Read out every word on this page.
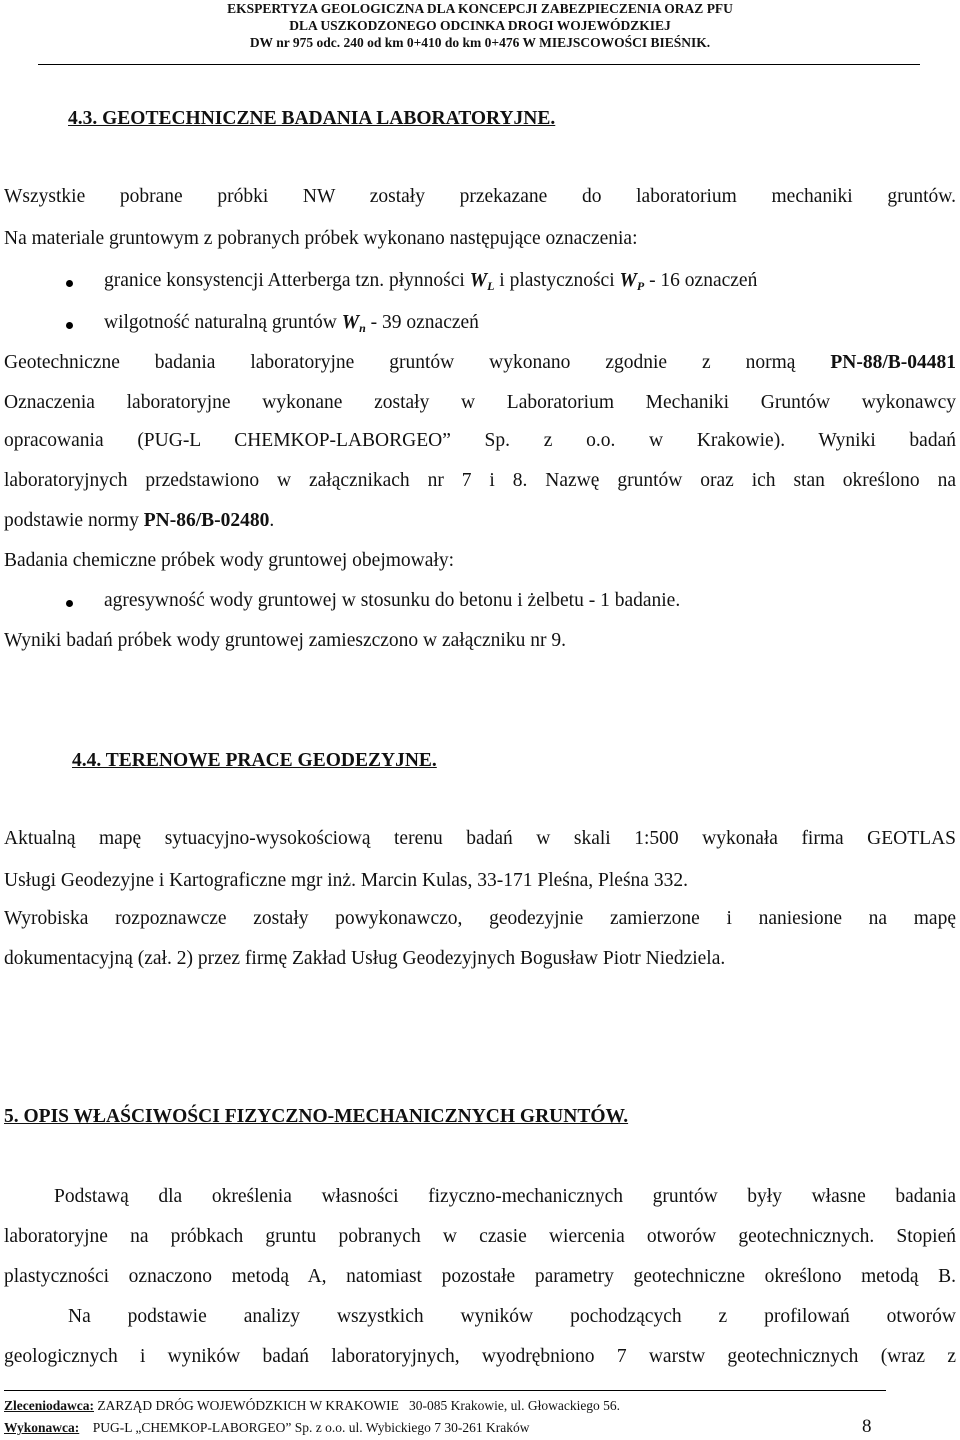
EKSPERTYZA GEOLOGICZNA DLA KONCEPCJI ZABEZPIECZENIA ORAZ PFU
DLA USZKODZONEGO ODCINKA DROGI WOJEWÓDZKIEJ
DW nr 975 odc. 240 od km 0+410 do km 0+476 W MIEJSCOWOŚCI BIEŚNIK.
4.3. GEOTECHNICZNE BADANIA LABORATORYJNE.
Wszystkie pobrane próbki NW zostały przekazane do laboratorium mechaniki gruntów.
Na materiale gruntowym z pobranych próbek wykonano następujące oznaczenia:
granice konsystencji Atterberga tzn. płynności $W_L$ i plastyczności $W_P - 16$ oznaczeń
wilgotność naturalną gruntów $W_n - 39$ oznaczeń
Geotechniczne badania laboratoryjne gruntów wykonano zgodnie z normą PN-88/B-04481
Oznaczenia laboratoryjne wykonane zostały w Laboratorium Mechaniki Gruntów wykonawcy
opracowania (PUG-L CHEMKOP-LABORGEO” Sp. z o.o. w Krakowie). Wyniki badań
laboratoryjnych przedstawiono w załącznikach nr 7 i 8. Nazwę gruntów oraz ich stan określono na
podstawie normy PN-86/B-02480.
Badania chemiczne próbek wody gruntowej obejmowały:
agresywność wody gruntowej w stosunku do betonu i żelbetu - 1 badanie.
Wyniki badań próbek wody gruntowej zamieszczono w załączniku nr 9.
4.4. TERENOWE PRACE GEODEZYJNE.
Aktualną mapę sytuacyjno-wysokościową terenu badań w skali 1:500 wykonała firma GEOTLAS
Usługi Geodezyjne i Kartograficzne mgr inż. Marcin Kulas, 33-171 Pleśna, Pleśna 332.
Wyrobiska rozpoznawcze zostały powykonawczo, geodezyjnie zamierzone i naniesione na mapę
dokumentacyjną (zał. 2) przez firmę Zakład Usług Geodezyjnych Bogusław Piotr Niedziela.
5. OPIS WŁAŚCIWOŚCI FIZYCZNO-MECHANICZNYCH GRUNTÓW.
Podstawą dla określenia własności fizyczno-mechanicznych gruntów były własne badania
laboratoryjne na próbkach gruntu pobranych w czasie wiercenia otworów geotechnicznych. Stopień
plastyczności oznaczono metodą A, natomiast pozostałe parametry geotechniczne określono metodą B.
Na podstawie analizy wszystkich wyników pochodzących z profilowań otworów
geologicznych i wyników badań laboratoryjnych, wyodrębniono 7 warstw geotechnicznych (wraz z
Zleceniodawca: ZARZĄD DRÓG WOJEWÓDZKICH W KRAKOWIE 30-085 Krakowie, ul. Głowackiego 56.
Wykonawca: PUG-L „CHEMKOP-LABORGEO” Sp. z o.o. ul. Wybickiego 7 30-261 Kraków	8
